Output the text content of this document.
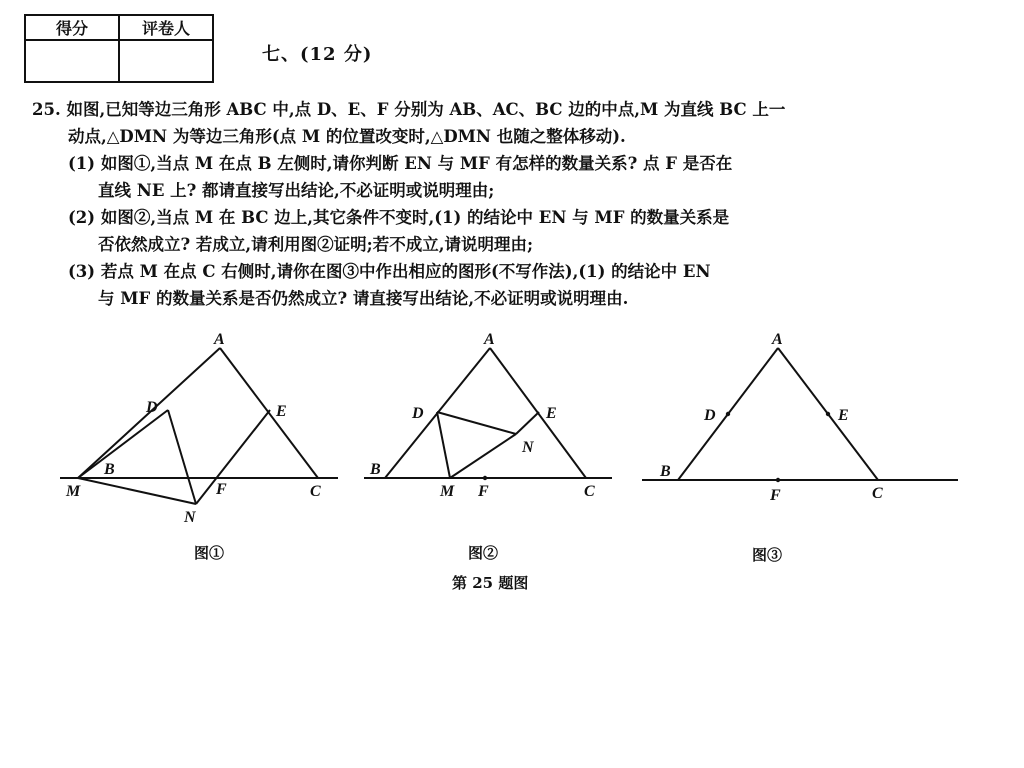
得分	评卷人

七、(12 分)

25. 如图,已知等边三角形 ABC 中,点 D、E、F 分别为 AB、AC、BC 边的中点,M 为直线 BC 上一

动点,△DMN 为等边三角形(点 M 的位置改变时,△DMN 也随之整体移动).

(1) 如图①,当点 M 在点 B 左侧时,请你判断 EN 与 MF 有怎样的数量关系? 点 F 是否在

直线 NE 上? 都请直接写出结论,不必证明或说明理由;

(2) 如图②,当点 M 在 BC 边上,其它条件不变时,(1) 的结论中 EN 与 MF 的数量关系是

否依然成立? 若成立,请利用图②证明;若不成立,请说明理由;

(3) 若点 M 在点 C 右侧时,请你在图③中作出相应的图形(不写作法),(1) 的结论中 EN

与 MF 的数量关系是否仍然成立? 请直接写出结论,不必证明或说明理由.

A
B
C
D	E
F
M
N
A
B
C
D	E
F
M
N
A
B
C
D	E
F
图①	图②	图③
第 25 题图
